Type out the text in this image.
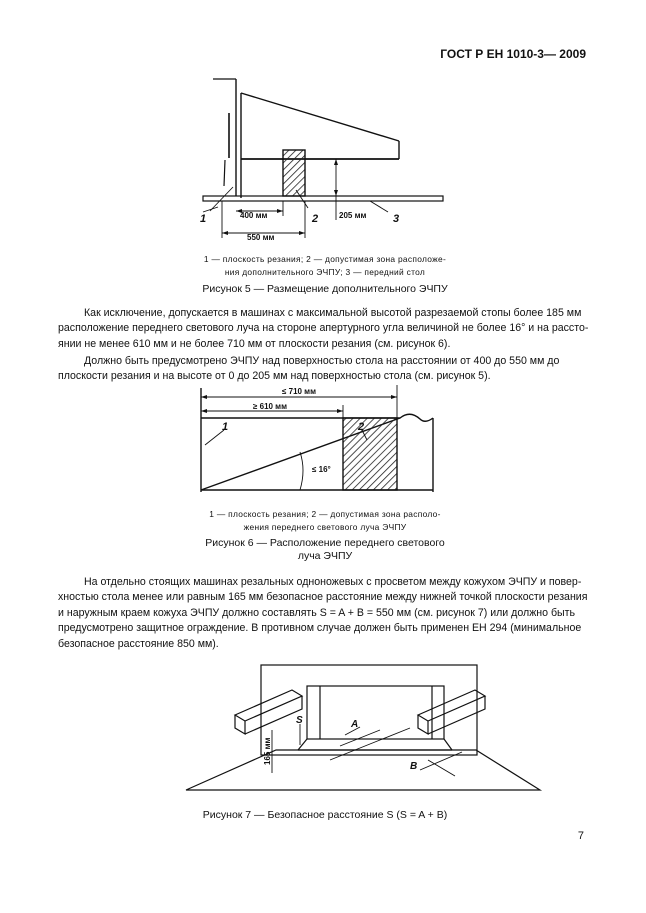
ГОСТ Р ЕН 1010-3— 2009
400 мм
550 мм
205 мм
1	2	3
≤ 710 мм
≥ 610 мм
≤ 16°
1	2
165 мм
S	A
B
1 — плоскость резания; 2 — допустимая зона расположе-
ния дополнительного ЭЧПУ; 3 — передний стол
Рисунок 5 — Размещение дополнительного ЭЧПУ
Как исключение, допускается в машинах с максимальной высотой разрезаемой стопы более 185 мм
расположение переднего светового луча на стороне апертурного угла величиной не более 16° и на рассто-
янии не менее 610 мм и не более 710 мм от плоскости резания (см. рисунок 6).
Должно быть предусмотрено ЭЧПУ над поверхностью стола на расстоянии от 400 до 550 мм до
плоскости резания и на высоте от 0 до 205 мм над поверхностью стола (см. рисунок 5).
1 — плоскость резания; 2 — допустимая зона располо-
жения переднего светового луча ЭЧПУ
Рисунок 6 — Расположение переднего светового
луча ЭЧПУ
На отдельно стоящих машинах резальных одноножевых с просветом между кожухом ЭЧПУ и повер-
хностью стола менее или равным 165 мм безопасное расстояние между нижней точкой плоскости резания
и наружным краем кожуха ЭЧПУ должно составлять S = A + B = 550 мм (см. рисунок 7) или должно быть
предусмотрено защитное ограждение. В противном случае должен быть применен ЕН 294 (минимальное
безопасное расстояние 850 мм).
Рисунок 7 — Безопасное расстояние S (S = A + B)
7
